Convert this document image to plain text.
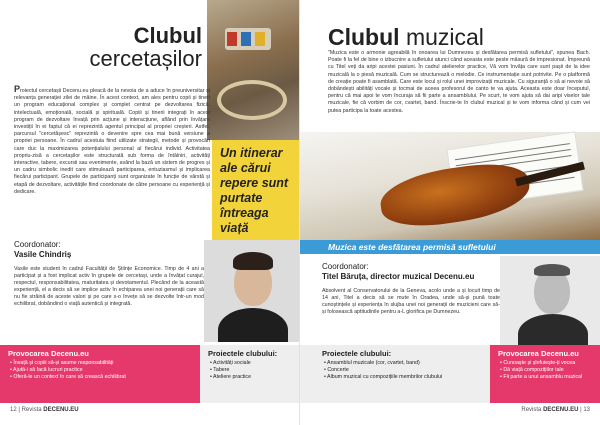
Clubul
cercetașilor

Proiectul cercetașii Decenu.eu pleacă de la nevoia de a aduce în preuniversitar și relevanța generației zilei de mâine. În acest context, am ales pentru copii și tineri un program educațional complex și complet centrat pe dezvoltarea fizică, intelectuală, emoțională, socială și spirituală. Copiii și tinerii integrați în acest program de dezvoltare învață prin acțiune și interacțiune, aflând prin învățare investiții în ei faptul că ei reprezintă agentul principal al propriei creșteri. Astfel, parcursul "cercetășesc" reprezintă o devenire spre cea mai bună versiune a propriei persoane. În cadrul acestuia fiind utilizate strategii, metode și provocări care duc la maximizarea potențialului personal al fiecărui individ. Activitatea propriu-zisă a cercetașilor este structurată sub forma de întâlniri, activități interactive, tabere, excursii sau evenimente, având la bază un sistem de progres și un cadru simbolic inedit care stimulează participarea, entuziasmul și implicarea fiecărui participant. Grupele de participanți sunt organizate în funcție de vârstă și etapă de dezvoltare, activitățile fiind coordonate de către persoane cu experiență și dedicare.

Un itinerar ale cărui repere sunt purtate întreaga viață

Coordonator:
Vasile Chindriș

Vasile este student în cadrul Facultății de Științe Economice. Timp de 4 ani a participat și a fost implicat activ în grupele de cercetași, unde a învățat curajul, respectul, responsabilitatea, maturitatea și devotamentul. Plecând de la această experiență, el a decis să se implice activ în echiparea unei noi generații care să nu fie străină de aceste valori și pe care s-o învețe să se dezvolte într-un mod echilibrat, dobândind o viață autentică și integrată.

Provocarea Decenu.eu
• Învață și copiii să-și asume responsabilități
• Ajută-i să facă lucruri practice
• Oferă-le un context în care să crească echilibrat
Proiectele clubului:
• Activități sociale
• Tabere
• Ateliere practice
12 | Revista DECENU.EU
Clubul muzical

"Muzica este o armonie agreabilă în onoarea lui Dumnezeu și desfătarea permisă sufletului", spunea Bach. Poate fi la fel de bine o izbucnire a sufletului atunci când aceasta este peste măsură de impresionat. Împreună cu Titel veți da aripi acestei pasiuni. În cadrul atelierelor practice, Vă vom învăța care sunt pașii de la idee muzicală la o piesă muzicală. Cum se structurează o melodie. Ce instrumentație sunt potrivite. Pe o platformă de creație poate fi asamblată. Care este locul și rolul unei improvizații muzicale. Cu siguranță o să ai nevoie să dobândești abilități vocale și tocmai de aceea profesorul de canto te va ajuta. Aceasta este doar începutul, pentru că mai apoi te vom încuraja să fii parte a ansamblului. Pe scurt, te vom ajuta să dai aripi viselor tale muzicale, fie că vorbim de cor, cvartet, band. Înscrie-te în clubul muzical și te vom informa când și cum vei putea participa la toate acestea.

Muzica este desfătarea permisă sufletului
Coordonator:
Titel Băruța, director muzical Decenu.eu

Absolvent al Conservatorului de la Geneva, acolo unde a și locuit timp de 14 ani, Titel a decis să se mute în Oradea, unde să-și pună toate cunoștințele și experiența în slujba unei noi generații de muzicieni care să-și folosească aptitudinile pentru a-L glorifica pe Dumnezeu.

Proiectele clubului:
• Ansamblul muzicale (cor, cvartet, band)
• Concerte
• Album muzical cu compozițiile membrilor clubului
Provocarea Decenu.eu
• Cunoaște și șlefuiește-ți vocea
• Dă viață compozițiilor tale
• Fii parte a unui ansamblu muzical
Revista DECENU.EU | 13
